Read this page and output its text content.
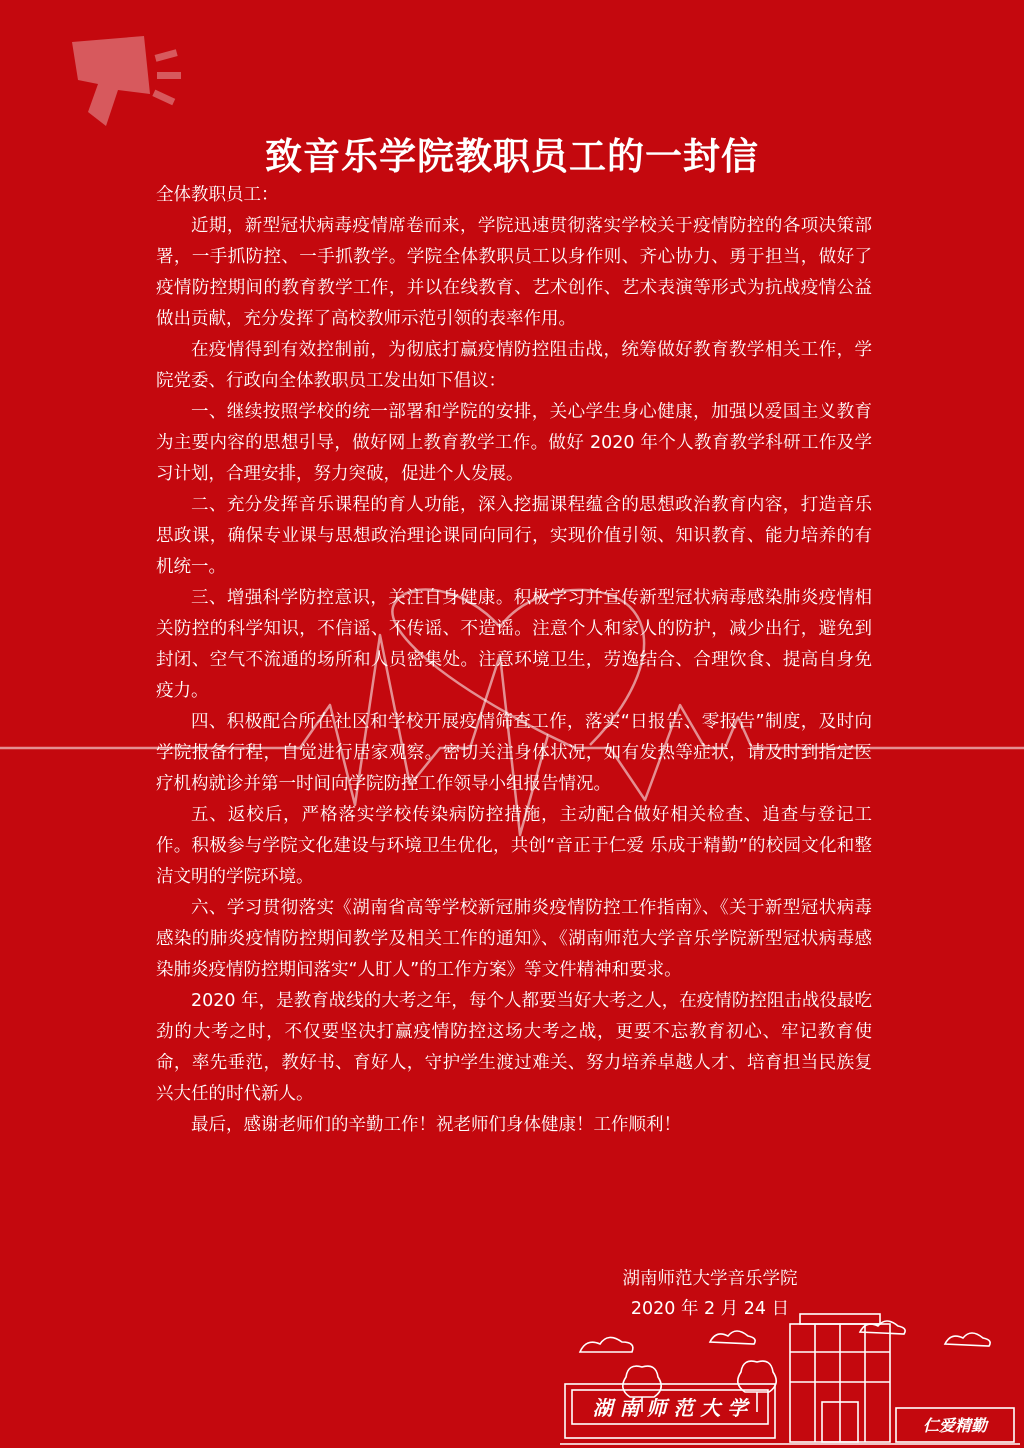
致音乐学院教职员工的一封信

全体教职员工：

近期，新型冠状病毒疫情席卷而来，学院迅速贯彻落实学校关于疫情防控的各项决策部署，一手抓防控、一手抓教学。学院全体教职员工以身作则、齐心协力、勇于担当，做好了疫情防控期间的教育教学工作，并以在线教育、艺术创作、艺术表演等形式为抗战疫情公益做出贡献，充分发挥了高校教师示范引领的表率作用。

在疫情得到有效控制前，为彻底打赢疫情防控阻击战，统筹做好教育教学相关工作，学院党委、行政向全体教职员工发出如下倡议：

一、继续按照学校的统一部署和学院的安排，关心学生身心健康，加强以爱国主义教育为主要内容的思想引导，做好网上教育教学工作。做好 2020 年个人教育教学科研工作及学习计划，合理安排，努力突破，促进个人发展。

二、充分发挥音乐课程的育人功能，深入挖掘课程蕴含的思想政治教育内容，打造音乐思政课，确保专业课与思想政治理论课同向同行，实现价值引领、知识教育、能力培养的有机统一。

三、增强科学防控意识，关注自身健康。积极学习并宣传新型冠状病毒感染肺炎疫情相关防控的科学知识，不信谣、不传谣、不造谣。注意个人和家人的防护，减少出行，避免到封闭、空气不流通的场所和人员密集处。注意环境卫生，劳逸结合、合理饮食、提高自身免疫力。

四、积极配合所在社区和学校开展疫情筛查工作，落实“日报告、零报告”制度，及时向学院报备行程，自觉进行居家观察。密切关注身体状况，如有发热等症状，请及时到指定医疗机构就诊并第一时间向学院防控工作领导小组报告情况。

五、返校后，严格落实学校传染病防控措施，主动配合做好相关检查、追查与登记工作。积极参与学院文化建设与环境卫生优化，共创“音正于仁爱 乐成于精勤”的校园文化和整洁文明的学院环境。

六、学习贯彻落实《湖南省高等学校新冠肺炎疫情防控工作指南》、《关于新型冠状病毒感染的肺炎疫情防控期间教学及相关工作的通知》、《湖南师范大学音乐学院新型冠状病毒感染肺炎疫情防控期间落实“人盯人”的工作方案》等文件精神和要求。

2020 年，是教育战线的大考之年，每个人都要当好大考之人，在疫情防控阻击战役最吃劲的大考之时，不仅要坚决打赢疫情防控这场大考之战，更要不忘教育初心、牢记教育使命，率先垂范，教好书、育好人，守护学生渡过难关、努力培养卓越人才、培育担当民族复兴大任的时代新人。

最后，感谢老师们的辛勤工作！祝老师们身体健康！工作顺利！

湖南师范大学音乐学院
2020 年 2 月 24 日
湖 南 师 范 大 学
仁爱精勤
